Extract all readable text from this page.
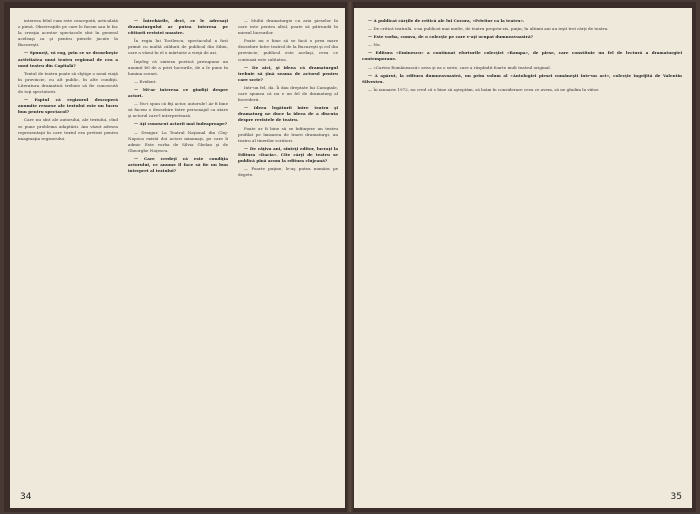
interesa felul cum este concepută, articulată o piesă. Observaţiile pe care le facem sau le fac la creaţia acestor spectacole sînt în general aceleaşi ca şi pentru piesele jucate la Bucureşti.

— Spuneţi, vă rog, prin ce se deosebeşte activitatea unui teatru regional de cea a unui teatru din Capitală?

Textul de teatru poate să cîştige o nouă viaţă în provincie, cu alt public, în alte condiţii. Literatura dramatică trebuie să fie cunoscută de toţi spectatorii.

— Faptul că regizorul descoperă anumite resurse ale textului este un lucru bun pentru spectacol?

Care nu sînt ale autorului, ale textului, cînd se pune problema adaptării. Am văzut adesea reprezentaţii în care textul era pretext pentru imaginaţia regizorului.

— Întrebările, deci, ce le adresaţi dramaturgului ar putea interesa pe cititorii revistei noastre.

În regia lui Tocilescu, spectacolul a fost primit cu multă căldură de publicul din Sibiu, care a văzut în el o mărturie a vieţii de azi.

Înţeleg că sinteza poetică presupune un anumit fel de a privi lucrurile, de a le pune în lumina scenei.

— Evident.

— Mi-ar interesa ce gîndiţi despre actori.

— Nu-i spun că fiţi actor, autorule! Ar fi bine să facem o deosebire între personajul ca atare şi actorul care-l interpretează.

— Aţi cunoscut actorii mai îndeaproape?

— Desigur. La Teatrul Naţional din Cluj-Napoca există doi actori minunaţi, pe care îi admir. Este vorba de Silvia Ghelan şi de Gheorghe Nuţescu.

— Care credeţi că este condiţia actorului, ce anume îl face să fie un bun interpret al textului?

— Multă dramaturgie cu aria pieselor în care este pentru altul, poate să pătrundă în miezul lucrurilor.

Poate nu e bine să se facă o prea mare deosebire între teatrul de la Bucureşti şi cel din provincie; publicul este acelaşi, ceea ce contează este calitatea.

— De aici, şi ideea că dramaturgul trebuie să ţină seama de actorul pentru care scrie?

Intr-un fel, da. Îi dau dreptate lui Caragiale, care spunea că nu e un fel de dramaturg al încrederii.

— Ideea legăturii între teatru şi dramaturg ne duce la ideea de a discuta despre revistele de teatru.

Poate ar fi bine să se înfiinţeze un teatru profilat pe lansarea de tineri dramaturgi, un teatru al tinerilor scriitori.

— De câţiva ani, sînteţi editor, lucraţi la Editura «Dacia». Cîte cărţi de teatru se publică pînă acum la editura clujeană?

— Foarte puţine, le-aş putea număra pe degete.

34

— A publicat cărţile de critică ale lui Cocora, «Privitor ca la teatru».

— De critică teatrală, s-au publicat mai multe, de teatru propriu-zis, puţin; în ultimii ani au ieşit trei cărţi de teatru.

— Este vorba, cumva, de o colecţie pe care v-aţi ocupat dumneavoastră?

— Nu.

— Editura «Eminescu» a continuat eforturile colecţiei «Rampa», de piese, care constituie un fel de lectură a dramaturgiei contemporane.

— «Cartea Românească» avea şi ea o serie, care a răspîndit foarte mult teatrul original.

— A apărut, la editura dumneavoastră, un prim volum al «Antologiei piesei româneşti într-un act», colecţie îngrijită de Valentin Silvestru.

— În ianuarie 1972, nu cred că e bine să aşteptăm, să luăm în considerare ceea ce avem, să ne gîndim la viitor.

35
